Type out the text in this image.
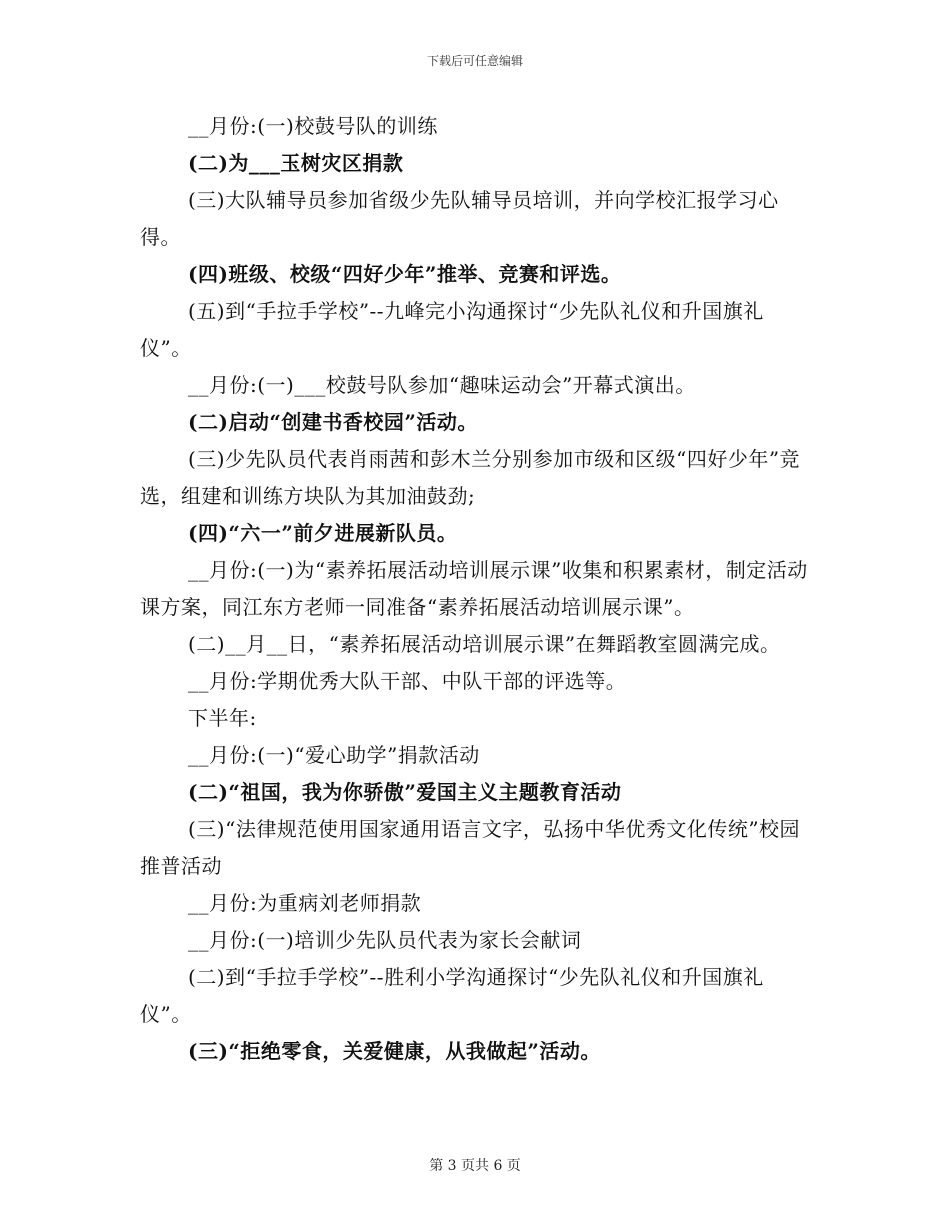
下载后可任意编辑

__月份:(一)校鼓号队的训练

(二)为___玉树灾区捐款

(三)大队辅导员参加省级少先队辅导员培训，并向学校汇报学习心得。

(四)班级、校级“四好少年”推举、竞赛和评选。

(五)到“手拉手学校”--九峰完小沟通探讨“少先队礼仪和升国旗礼仪”。

__月份:(一)___校鼓号队参加“趣味运动会”开幕式演出。

(二)启动“创建书香校园”活动。

(三)少先队员代表肖雨茜和彭木兰分别参加市级和区级“四好少年”竞选，组建和训练方块队为其加油鼓劲;

(四)“六一”前夕进展新队员。

__月份:(一)为“素养拓展活动培训展示课”收集和积累素材，制定活动课方案，同江东方老师一同准备“素养拓展活动培训展示课”。

(二)__月__日，“素养拓展活动培训展示课”在舞蹈教室圆满完成。

__月份:学期优秀大队干部、中队干部的评选等。

下半年:

__月份:(一)“爱心助学”捐款活动

(二)“祖国，我为你骄傲”爱国主义主题教育活动

(三)“法律规范使用国家通用语言文字，弘扬中华优秀文化传统”校园推普活动

__月份:为重病刘老师捐款

__月份:(一)培训少先队员代表为家长会献词

(二)到“手拉手学校”--胜利小学沟通探讨“少先队礼仪和升国旗礼仪”。

(三)“拒绝零食，关爱健康，从我做起”活动。

第 3 页共 6 页
